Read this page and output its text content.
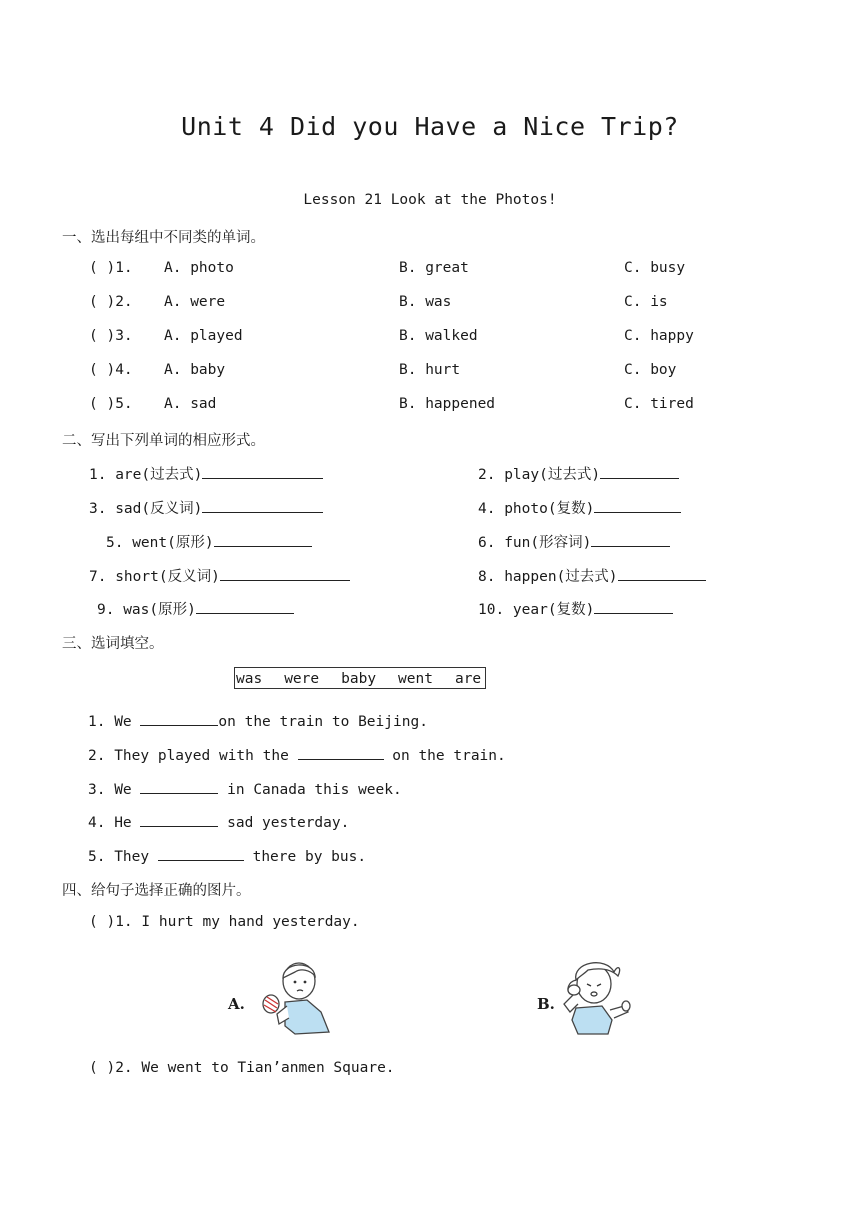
Unit 4 Did you Have a Nice Trip?
Lesson 21 Look at the Photos!
一、选出每组中不同类的单词。
( )1. A. photo	B. great	C. busy
( )2. A. were	B. was	C. is
( )3. A. played	B. walked	C. happy
( )4. A. baby	B. hurt	C. boy
( )5. A. sad	B. happened	C. tired
二、写出下列单词的相应形式。
1. are(过去式)	2. play(过去式)
3. sad(反义词)	4. photo(复数)
5. went(原形)	6. fun(形容词)
7. short(反义词)	8. happen(过去式)
9. was(原形)	10. year(复数)
三、选词填空。
was were baby went are
1. We	on the train to Beijing.
2. They played with the	on the train.
3. We	in Canada this week.
4. He	sad yesterday.
5. They	there by bus.
四、给句子选择正确的图片。
( )1. I hurt my hand yesterday.
A.	B.
( )2. We went to Tian’anmen Square.
